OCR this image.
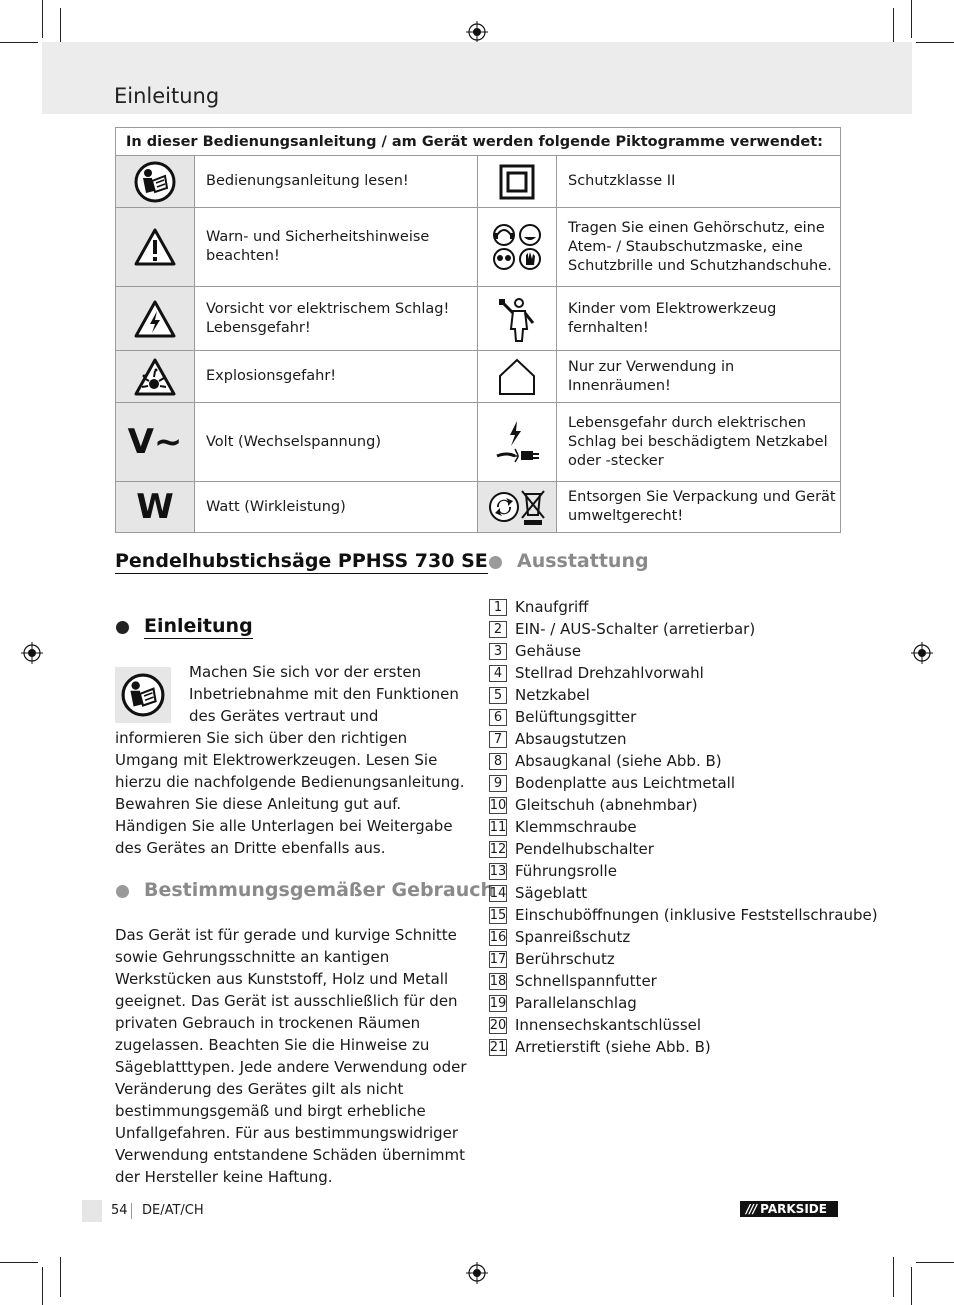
Einleitung
In dieser Bedienungsanleitung / am Gerät werden folgende Piktogramme verwendet:			

	Bedienungsanleitung lesen!		Schutzklasse II

	Warn- und Sicherheitshinweise beachten!		Tragen Sie einen Gehörschutz, eine Atem- / Staubschutzmaske, eine Schutzbrille und Schutzhandschuhe.

	Vorsicht vor elektrischem Schlag! Lebensgefahr!		Kinder vom Elektrowerkzeug fernhalten!

	Explosionsgefahr!		Nur zur Verwendung in Innenräumen!

V~	Volt (Wechselspannung)		Lebensgefahr durch elektrischen Schlag bei beschädigtem Netzkabel oder -stecker

W	Watt (Wirkleistung)		Entsorgen Sie Verpackung und Gerät umweltgerecht!
Pendelhubstichsäge PPHSS 730 SE
Einleitung
Machen Sie sich vor der ersten Inbetriebnahme mit den Funktionen des Gerätes vertraut und informieren Sie sich über den richtigen Umgang mit Elektrowerkzeugen. Lesen Sie hierzu die nachfolgende Bedienungsanleitung. Bewahren Sie diese Anleitung gut auf. Händigen Sie alle Unterlagen bei Weitergabe des Gerätes an Dritte ebenfalls aus.
Bestimmungsgemäßer Gebrauch
Das Gerät ist für gerade und kurvige Schnitte sowie Gehrungsschnitte an kantigen Werkstücken aus Kunststoff, Holz und Metall geeignet. Das Gerät ist ausschließlich für den privaten Gebrauch in trockenen Räumen zugelassen. Beachten Sie die Hinweise zu Sägeblatttypen. Jede andere Verwendung oder Veränderung des Gerätes gilt als nicht bestimmungsgemäß und birgt erhebliche Unfallgefahren. Für aus bestimmungswidriger Verwendung entstandene Schäden übernimmt der Hersteller keine Haftung.
Ausstattung
1 Knaufgriff
2 EIN- / AUS-Schalter (arretierbar)
3 Gehäuse
4 Stellrad Drehzahlvorwahl
5 Netzkabel
6 Belüftungsgitter
7 Absaugstutzen
8 Absaugkanal (siehe Abb. B)
9 Bodenplatte aus Leichtmetall
10 Gleitschuh (abnehmbar)
11 Klemmschraube
12 Pendelhubschalter
13 Führungsrolle
14 Sägeblatt
15 Einschuböffnungen (inklusive Feststellschraube)
16 Spanreißschutz
17 Berührschutz
18 Schnellspannfutter
19 Parallelanschlag
20 Innensechskantschlüssel
21 Arretierstift (siehe Abb. B)
54 DE/AT/CH	/// PARKSIDE
